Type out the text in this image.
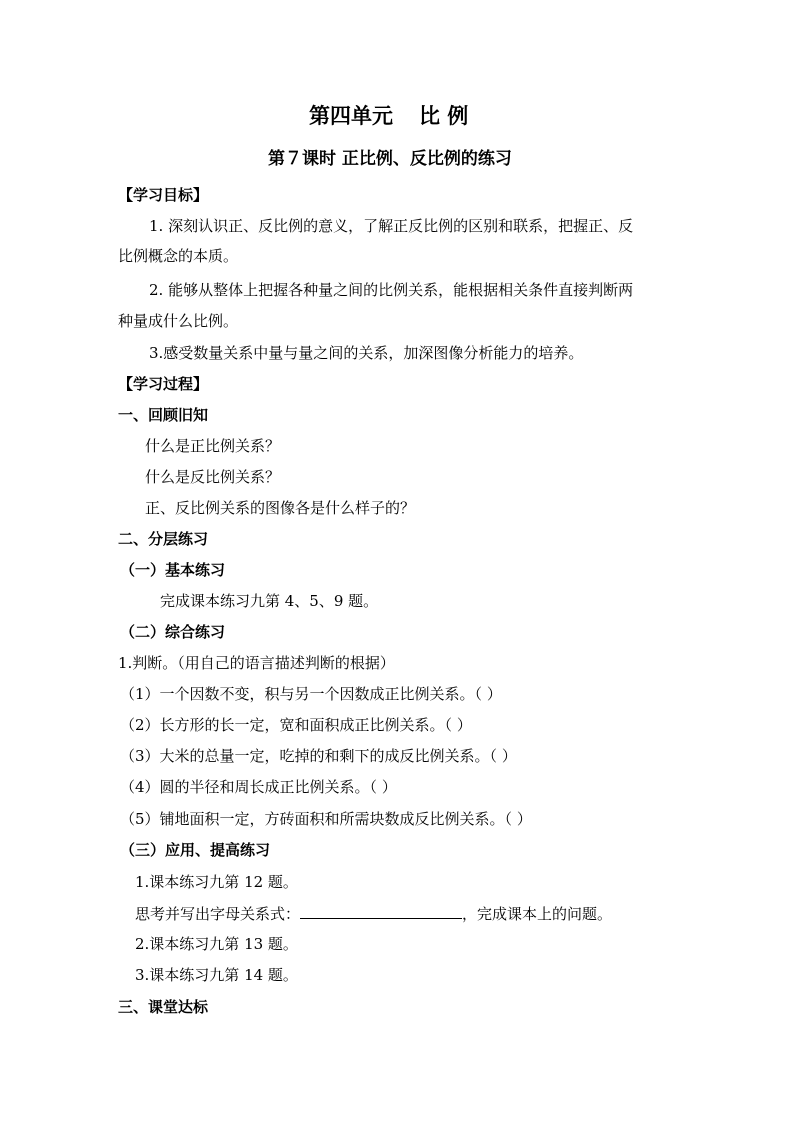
第四单元 比 例
第７课时 正比例、反比例的练习
【学习目标】
1. 深刻认识正、反比例的意义，了解正反比例的区别和联系，把握正、反
比例概念的本质。
2. 能够从整体上把握各种量之间的比例关系，能根据相关条件直接判断两
种量成什么比例。
3.感受数量关系中量与量之间的关系，加深图像分析能力的培养。
【学习过程】
一、回顾旧知
什么是正比例关系？
什么是反比例关系？
正、反比例关系的图像各是什么样子的？
二、分层练习
（一）基本练习
完成课本练习九第 4、5、9 题。
（二）综合练习
1.判断。（用自己的语言描述判断的根据）
（1）一个因数不变，积与另一个因数成正比例关系。（ ）
（2）长方形的长一定，宽和面积成正比例关系。（ ）
（3）大米的总量一定，吃掉的和剩下的成反比例关系。（ ）
（4）圆的半径和周长成正比例关系。（ ）
（5）铺地面积一定，方砖面积和所需块数成反比例关系。（ ）
（三）应用、提高练习
1.课本练习九第 12 题。
思考并写出字母关系式：	，完成课本上的问题。
2.课本练习九第 13 题。
3.课本练习九第 14 题。
三、课堂达标
